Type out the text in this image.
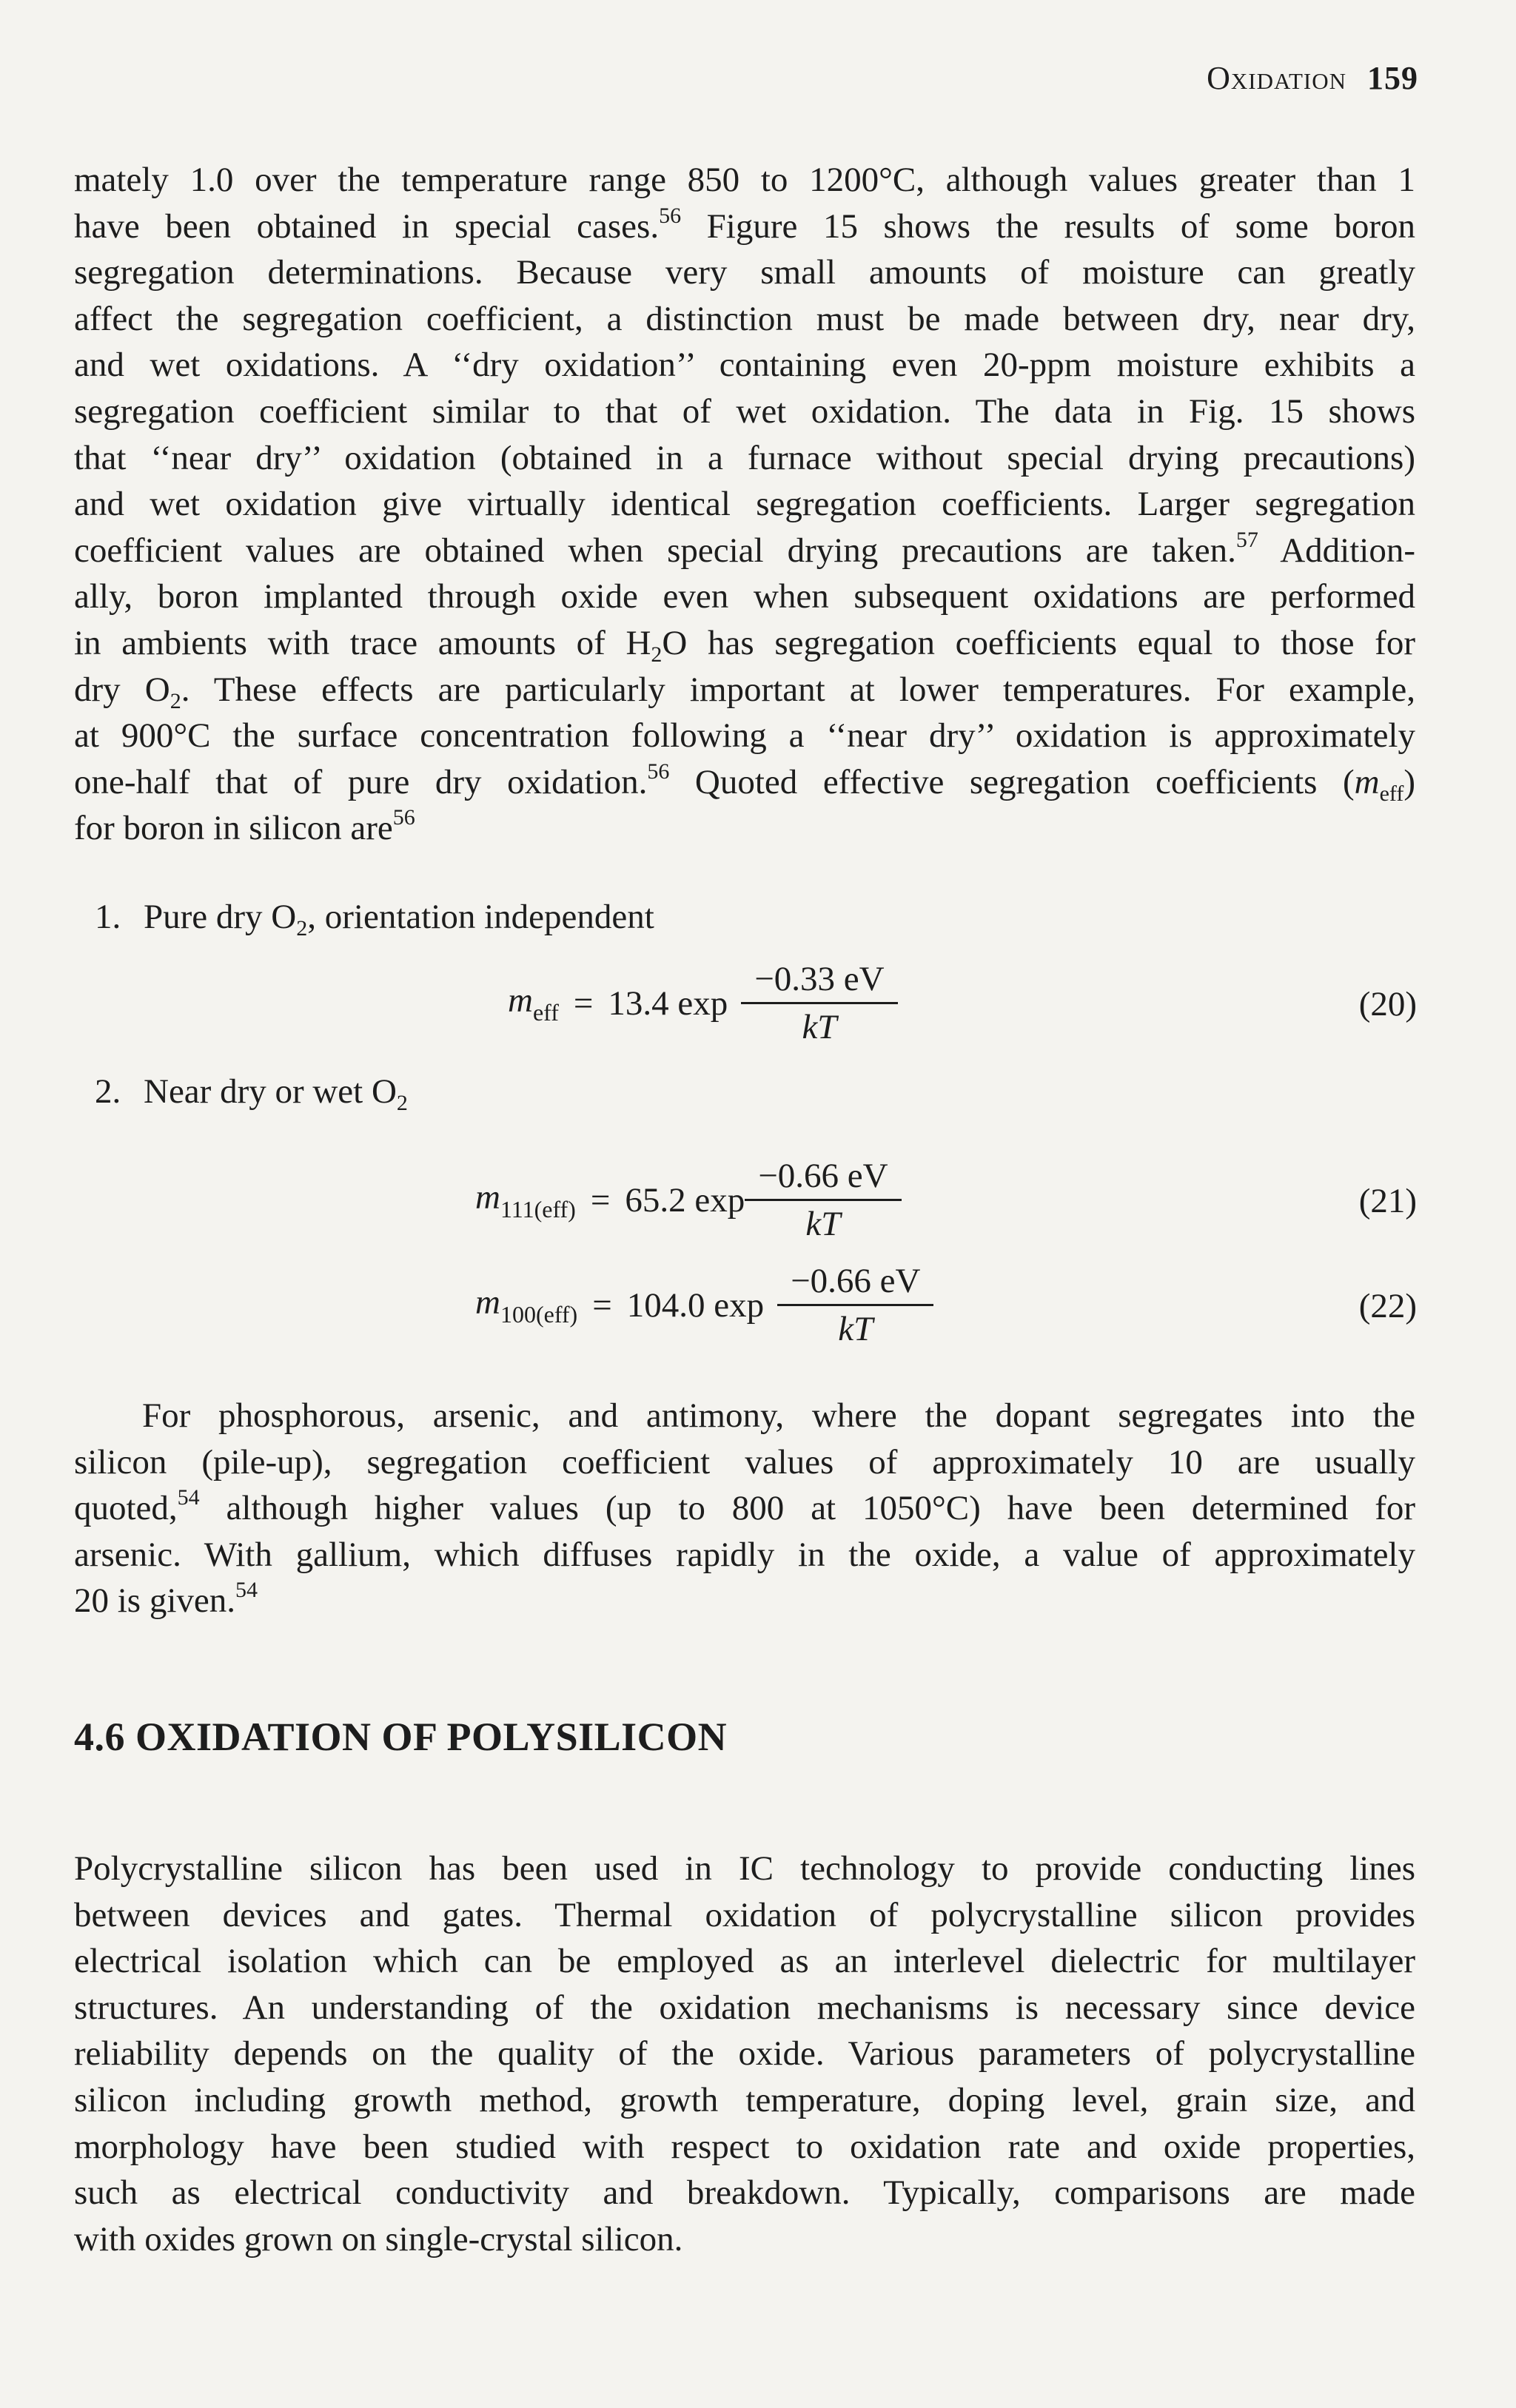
Oxidation 159
mately 1.0 over the temperature range 850 to 1200°C, although values greater than 1
have been obtained in special cases.$^{56}$ Figure 15 shows the results of some boron
segregation determinations. Because very small amounts of moisture can greatly
affect the segregation coefficient, a distinction must be made between dry, near dry,
and wet oxidations. A ‘‘dry oxidation’’ containing even 20-ppm moisture exhibits a
segregation coefficient similar to that of wet oxidation. The data in Fig. 15 shows
that ‘‘near dry’’ oxidation (obtained in a furnace without special drying precautions)
and wet oxidation give virtually identical segregation coefficients. Larger segregation
coefficient values are obtained when special drying precautions are taken.$^{57}$ Addition-
ally, boron implanted through oxide even when subsequent oxidations are performed
in ambients with trace amounts of $H_2O$ has segregation coefficients equal to those for
dry $O_2$. These effects are particularly important at lower temperatures. For example,
at 900°C the surface concentration following a ‘‘near dry’’ oxidation is approximately
one-half that of pure dry oxidation.$^{56}$ Quoted effective segregation coefficients $(m_{eff})$
for boron in silicon are$^{56}$
1. Pure dry $O_2$, orientation independent
$m_{eff} = 13.4$ $\exp \frac{-0.33 eV}{kT}$	(20)
2. Near dry or wet $O_2$
$m_{111(eff)} = 65.2$ $\exp \frac{-0.66 eV}{kT}$	(21)
$m_{100(eff)} = 104.0$ $\exp \frac{-0.66 eV}{kT}$	(22)
For phosphorous, arsenic, and antimony, where the dopant segregates into the
silicon (pile-up), segregation coefficient values of approximately 10 are usually
quoted,$^{54}$ although higher values (up to 800 at 1050°C) have been determined for
arsenic. With gallium, which diffuses rapidly in the oxide, a value of approximately
20 is given.$^{54}$
4.6 OXIDATION OF POLYSILICON
Polycrystalline silicon has been used in IC technology to provide conducting lines
between devices and gates. Thermal oxidation of polycrystalline silicon provides
electrical isolation which can be employed as an interlevel dielectric for multilayer
structures. An understanding of the oxidation mechanisms is necessary since device
reliability depends on the quality of the oxide. Various parameters of polycrystalline
silicon including growth method, growth temperature, doping level, grain size, and
morphology have been studied with respect to oxidation rate and oxide properties,
such as electrical conductivity and breakdown. Typically, comparisons are made
with oxides grown on single-crystal silicon.
